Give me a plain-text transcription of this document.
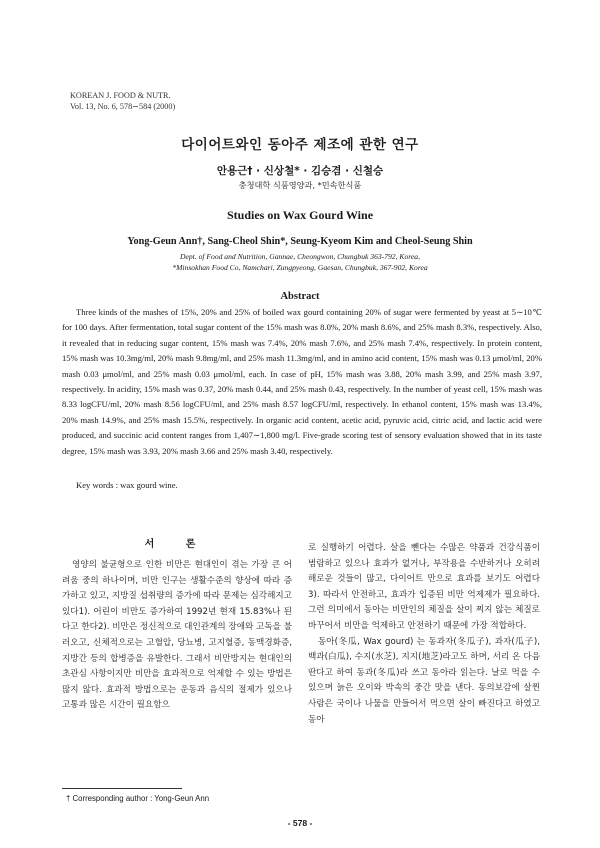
KOREAN J. FOOD & NUTR.
Vol. 13, No. 6, 578∼584 (2000)
다이어트와인 동아주 제조에 관한 연구
안용근† · 신상철* · 김승겸 · 신철승
충청대학 식품영양과, *민속한식품
Studies on Wax Gourd Wine
Yong-Geun Ann†, Sang-Cheol Shin*, Seung-Kyeom Kim and Cheol-Seung Shin
Dept. of Food and Nutrition, Gannae, Cheongwon, Chungbuk 363-792, Korea,
*Minsokhan Food Co, Namchari, Zungpyeong, Gaesan, Chungbuk, 367-902, Korea
Abstract
Three kinds of the mashes of 15%, 20% and 25% of boiled wax gourd containing 20% of sugar were fermented by yeast at 5∼10℃ for 100 days. After fermentation, total sugar content of the 15% mash was 8.0%, 20% mash 8.6%, and 25% mash 8.3%, respectively. Also, it revealed that in reducing sugar content, 15% mash was 7.4%, 20% mash 7.6%, and 25% mash 7.4%, respectively. In protein content, 15% mash was 10.3mg/ml, 20% mash 9.8mg/ml, and 25% mash 11.3mg/ml, and in amino acid content, 15% mash was 0.13 μmol/ml, 20% mash 0.03 μmol/ml, and 25% mash 0.03 μmol/ml, each. In case of pH, 15% mash was 3.88, 20% mash 3.99, and 25% mash 3.97, respectively. In acidity, 15% mash was 0.37, 20% mash 0.44, and 25% mash 0.43, respectively. In the number of yeast cell, 15% mash was 8.33 logCFU/ml, 20% mash 8.56 logCFU/ml, and 25% mash 8.57 logCFU/ml, respectively. In ethanol content, 15% mash was 13.4%, 20% mash 14.9%, and 25% mash 15.5%, respectively. In organic acid content, acetic acid, pyruvic acid, citric acid, and lactic acid were produced, and succinic acid content ranges from 1,407∼1,800 mg/l. Five-grade scoring test of sensory evaluation showed that in its taste degree, 15% mash was 3.93, 20% mash 3.66 and 25% mash 3.40, respectively.
Key words : wax gourd wine.
서 론

영양의 불균형으로 인한 비만은 현대인이 겪는 가장 큰 어려움 중의 하나이며, 비만 인구는 생활수준의 향상에 따라 증가하고 있고, 지방질 섭취량의 증가에 따라 문제는 심각해지고 있다1). 어린이 비만도 증가하여 1992년 현재 15.83%나 된다고 한다2). 비만은 정신적으로 대인관계의 장애와 고독을 불러오고, 신체적으로는 고혈압, 당뇨병, 고지혈증, 동맥경화증, 지방간 등의 합병증을 유발한다. 그래서 비만방지는 현대인의 초관심 사항이지만 비만을 효과적으로 억제할 수 있는 방법은 많지 않다. 효과적 방법으로는 운동과 음식의 절제가 있으나 고통과 많은 시간이 필요함으

로 실행하기 어렵다. 살을 뺀다는 수많은 약품과 건강식품이 범람하고 있으나 효과가 없거나, 부작용을 수반하거나 오히려 해로운 것들이 많고, 다이어트 만으로 효과를 보기도 어렵다3). 따라서 안전하고, 효과가 입증된 비만 억제제가 필요하다. 그런 의미에서 동아는 비만인의 체질을 살이 찌지 않는 체질로 바꾸어서 비만을 억제하고 안전하기 때문에 가장 적합하다.

동아(冬瓜, Wax gourd) 는 동과자(冬瓜子), 과자(瓜子), 백과(白瓜), 수지(水芝), 지지(地芝)라고도 하며, 서리 온 다음 딴다고 하여 동과(冬瓜)라 쓰고 동아라 읽는다. 날로 먹을 수 있으며 늙은 오이와 박속의 중간 맛을 낸다. 동의보감에 살찐 사람은 국이나 나물을 만들어서 먹으면 살이 빠진다고 하였고 동아

† Corresponding author : Yong-Geun Ann
- 578 -
